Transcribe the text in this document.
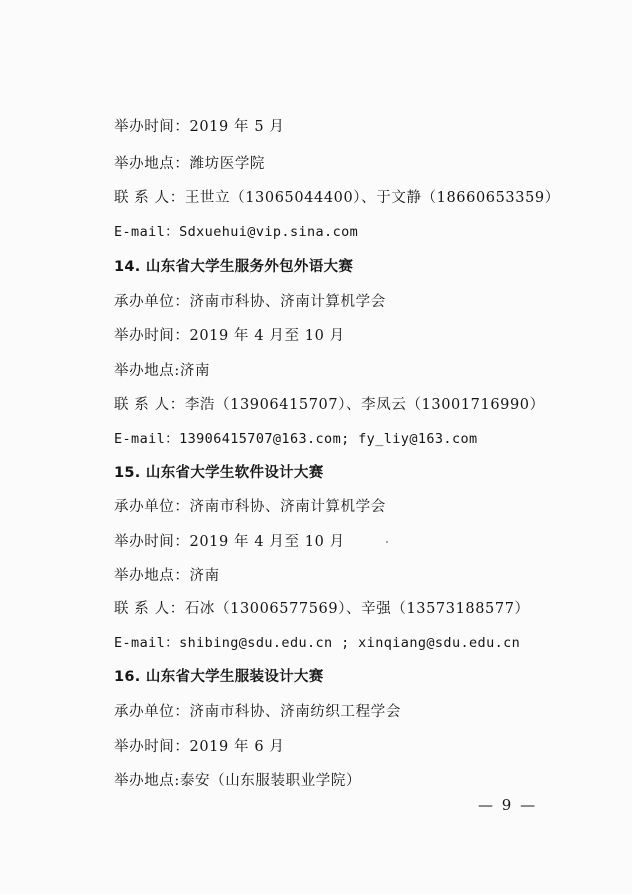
举办时间：2019 年 5 月
举办地点：潍坊医学院
联 系 人：王世立（13065044400）、于文静（18660653359）
E-mail：Sdxuehui@vip.sina.com
14. 山东省大学生服务外包外语大赛
承办单位：济南市科协、济南计算机学会
举办时间：2019 年 4 月至 10 月
举办地点:济南
联 系 人：李浩（13906415707）、李凤云（13001716990）
E-mail：13906415707@163.com; fy_liy@163.com
15. 山东省大学生软件设计大赛
承办单位：济南市科协、济南计算机学会
举办时间：2019 年 4 月至 10 月
举办地点：济南
联 系 人：石冰（13006577569）、辛强（13573188577）
E-mail：shibing@sdu.edu.cn ; xinqiang@sdu.edu.cn
16. 山东省大学生服装设计大赛
承办单位：济南市科协、济南纺织工程学会
举办时间：2019 年 6 月
举办地点:泰安（山东服装职业学院）
— 9 —
